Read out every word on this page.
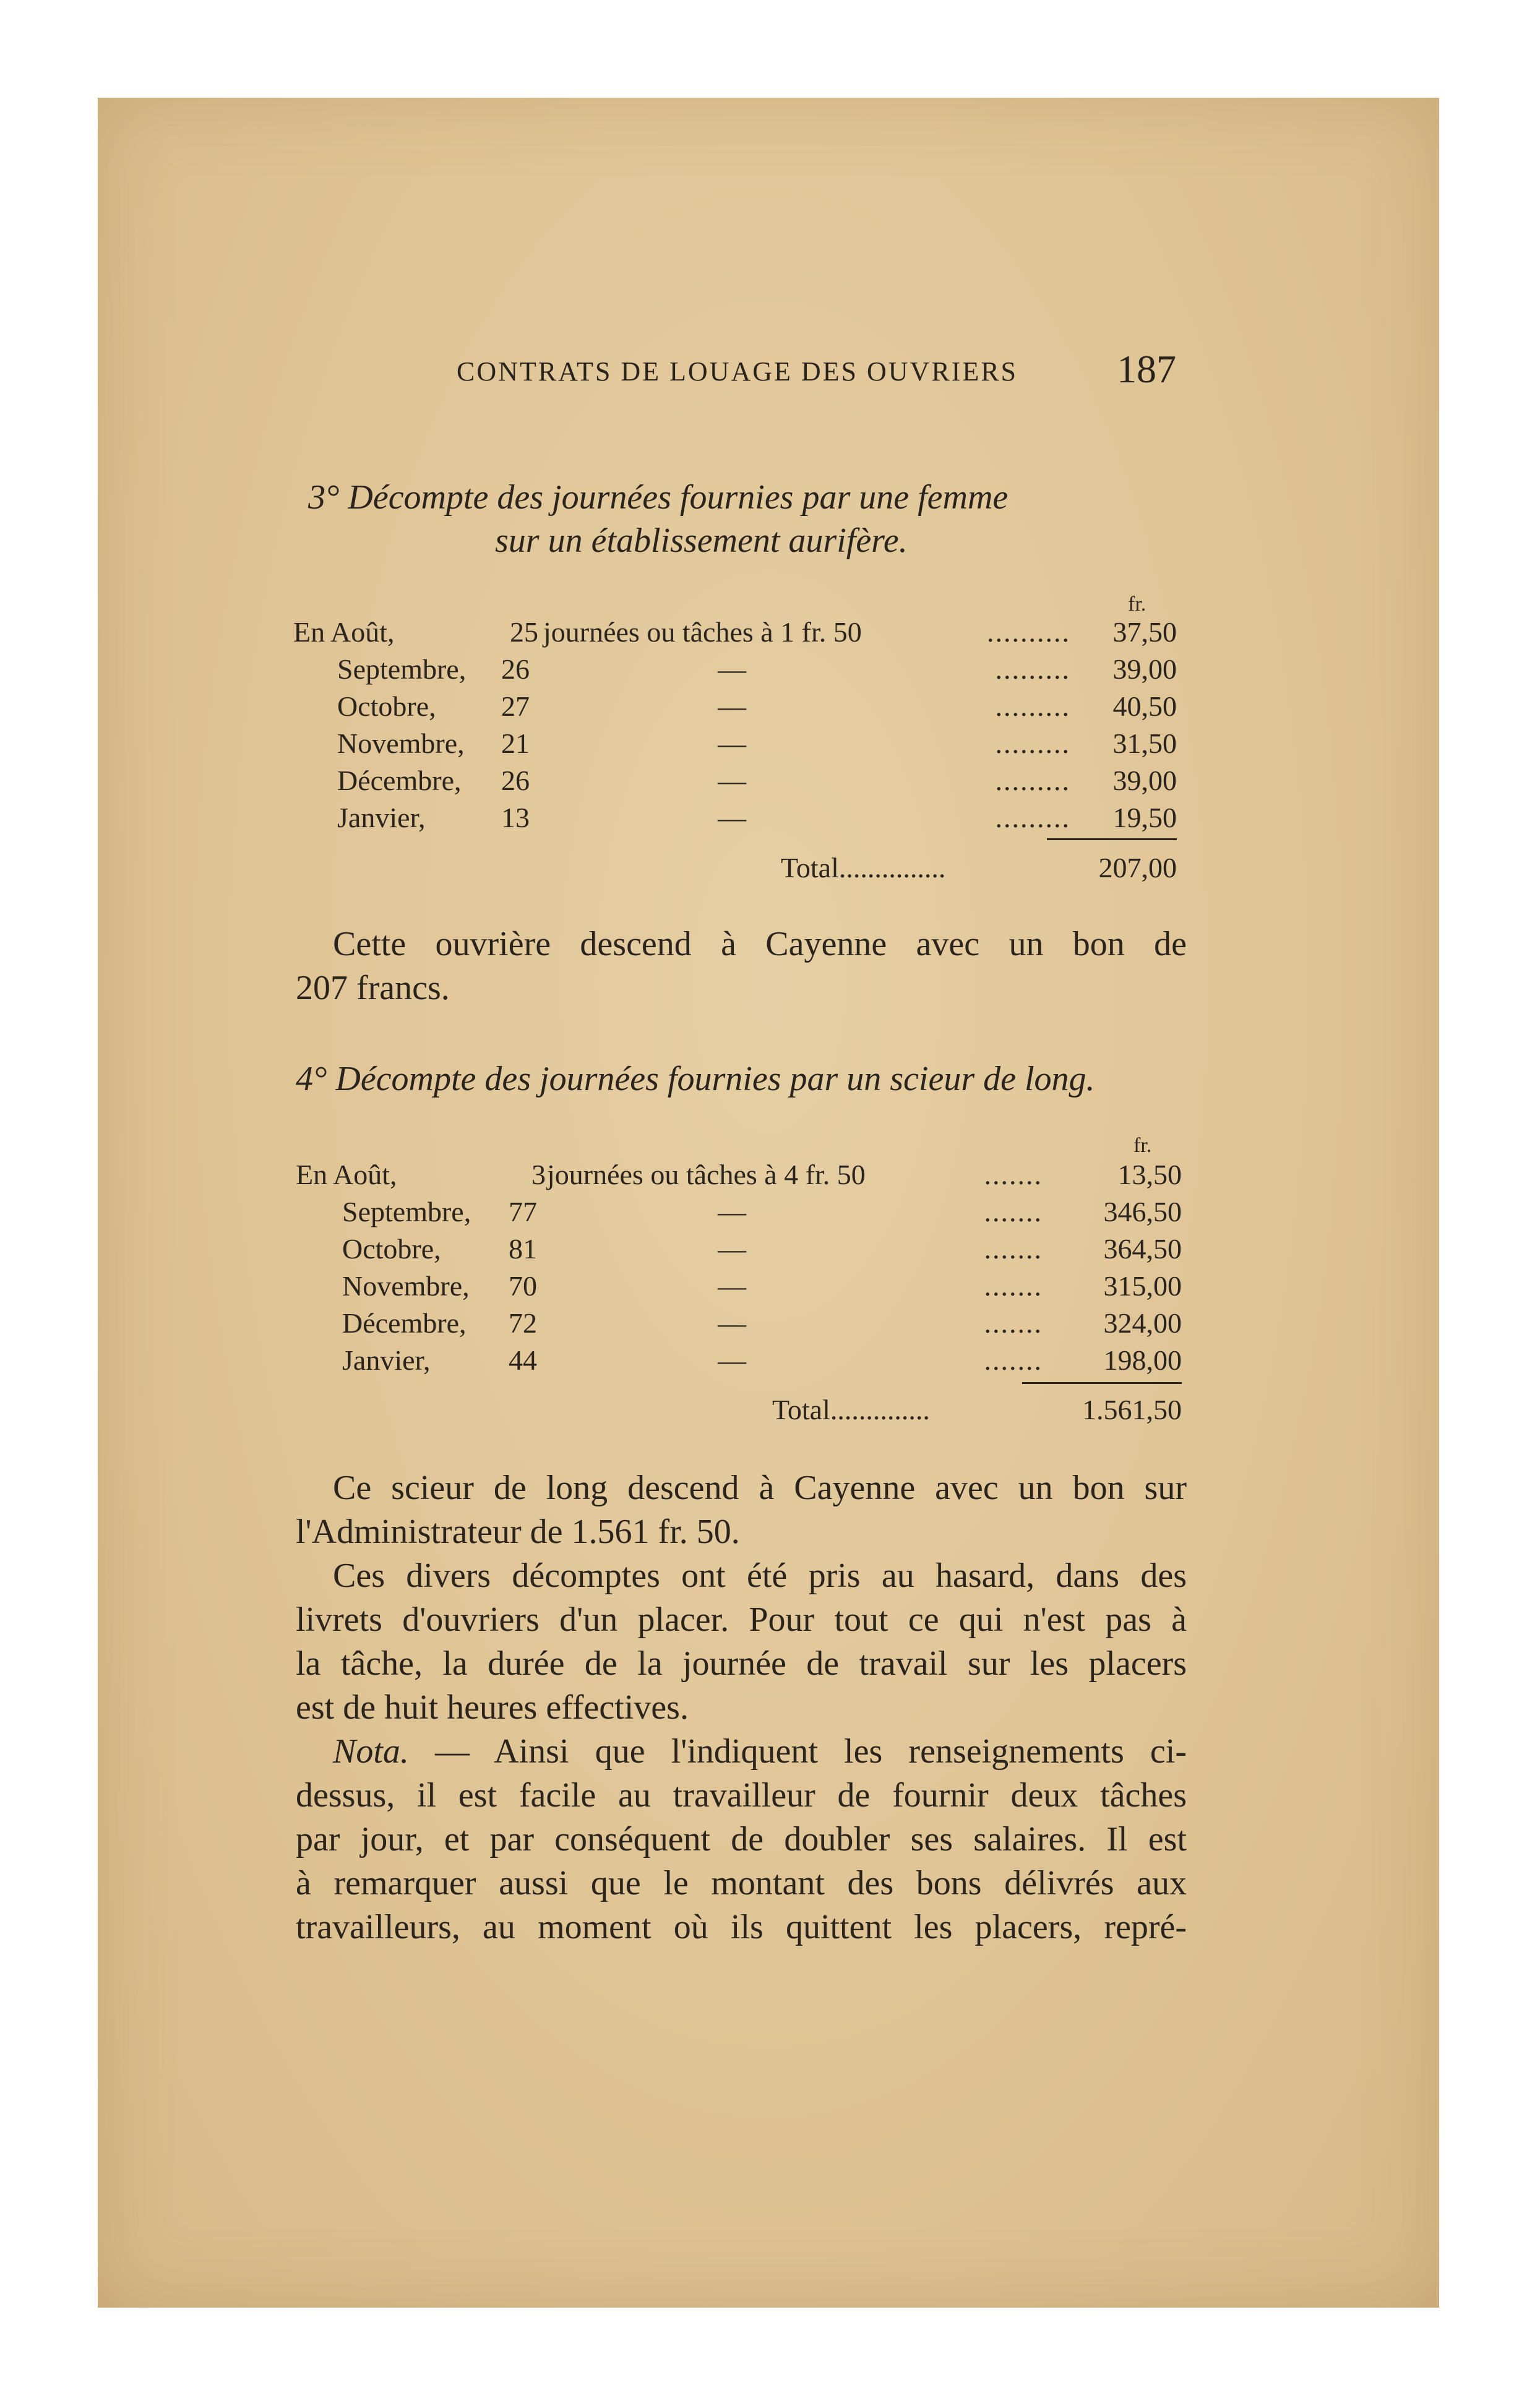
CONTRATS DE LOUAGE DES OUVRIERS 187
3° Décompte des journées fournies par une femme
sur un établissement aurifère.
fr.
En Août,	25 journées ou tâches à 1 fr. 50	..........	37,50
Septembre, 26	—	.........	39,00
Octobre, 27	—	.........	40,50
Novembre, 21	—	.........	31,50
Décembre, 26	—	.........	39,00
Janvier,	13	—	.........	19,50
Total...............	207,00
Cette ouvrière descend à Cayenne avec un bon de
207 francs.
4° Décompte des journées fournies par un scieur de long.
fr.
En Août,	3 journées ou tâches à 4 fr. 50	.......	13,50
Septembre, 77	—	.......	346,50
Octobre, 81	—	.......	364,50
Novembre, 70	—	.......	315,00
Décembre, 72	—	.......	324,00
Janvier,	44	—	.......	198,00
Total..............	1.561,50
Ce scieur de long descend à Cayenne avec un bon sur
l'Administrateur de 1.561 fr. 50.
Ces divers décomptes ont été pris au hasard, dans des
livrets d'ouvriers d'un placer. Pour tout ce qui n'est pas à
la tâche, la durée de la journée de travail sur les placers
est de huit heures effectives.
Nota. — Ainsi que l'indiquent les renseignements ci-
dessus, il est facile au travailleur de fournir deux tâches
par jour, et par conséquent de doubler ses salaires. Il est
à remarquer aussi que le montant des bons délivrés aux
travailleurs, au moment où ils quittent les placers, repré-
